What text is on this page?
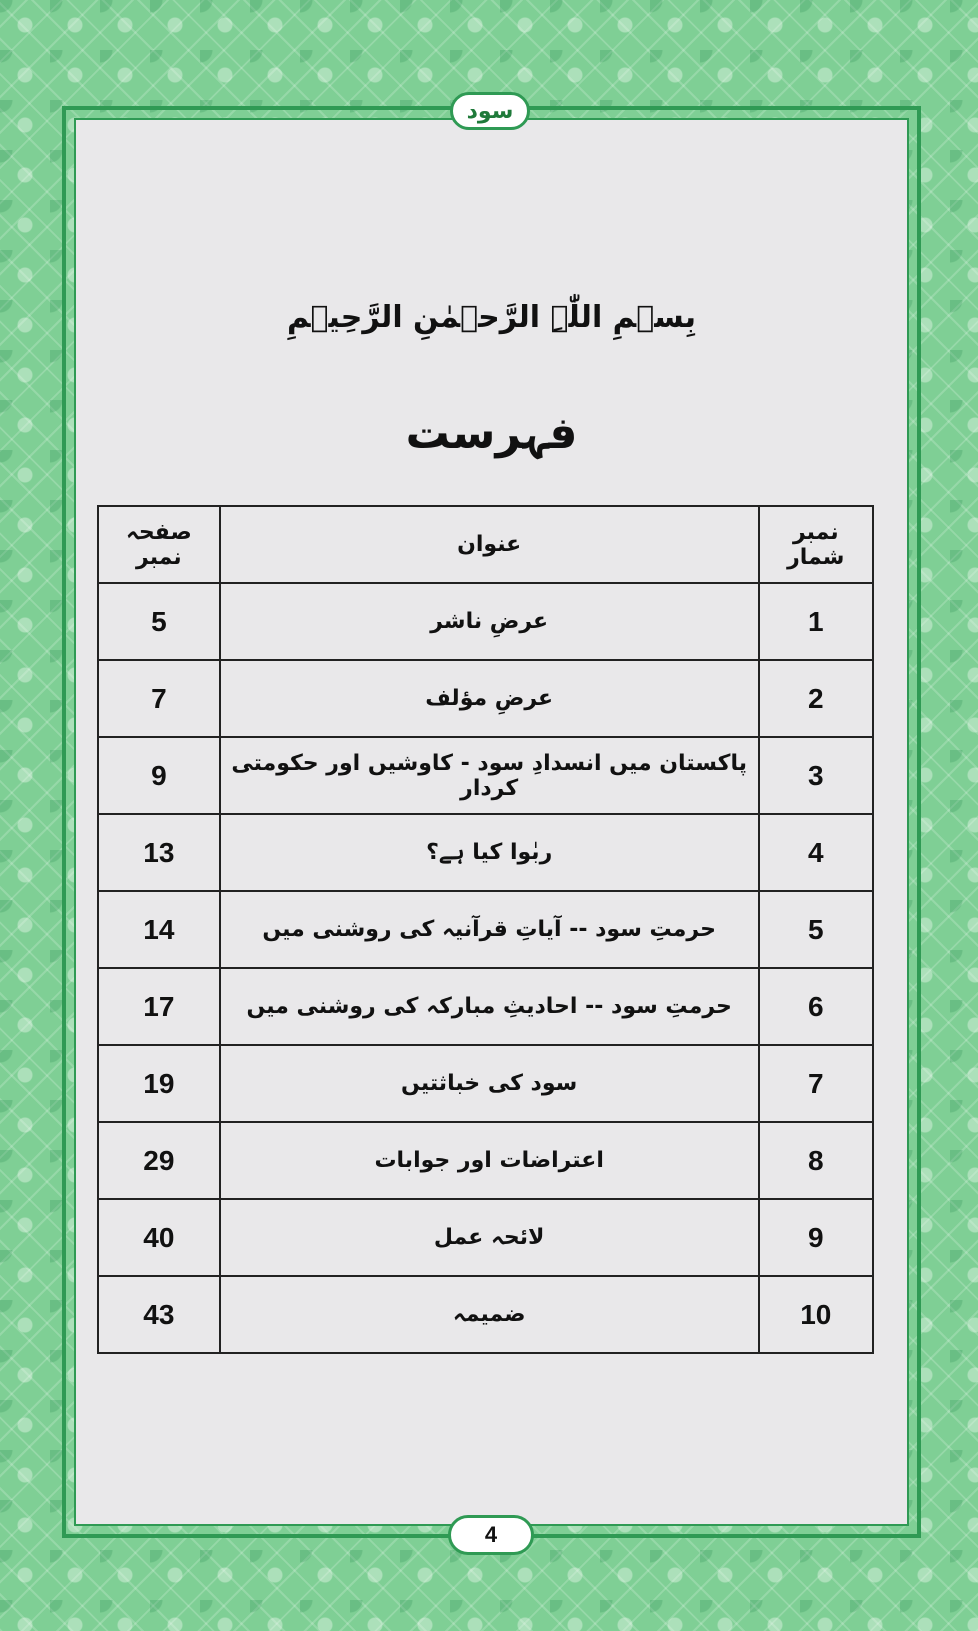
سود
بِسۡمِ اللّٰہِ الرَّحۡمٰنِ الرَّحِیۡمِ
فہرست
نمبر شمار	عنوان	صفحہ نمبر
1	عرضِ ناشر	5
2	عرضِ مؤلف	7
3	پاکستان میں انسدادِ سود - کاوشیں اور حکومتی کردار	9
4	ربٰوا کیا ہے؟	13
5	حرمتِ سود -- آیاتِ قرآنیہ کی روشنی میں	14
6	حرمتِ سود -- احادیثِ مبارکہ کی روشنی میں	17
7	سود کی خباثتیں	19
8	اعتراضات اور جوابات	29
9	لائحہ عمل	40
10	ضمیمہ	43
4
